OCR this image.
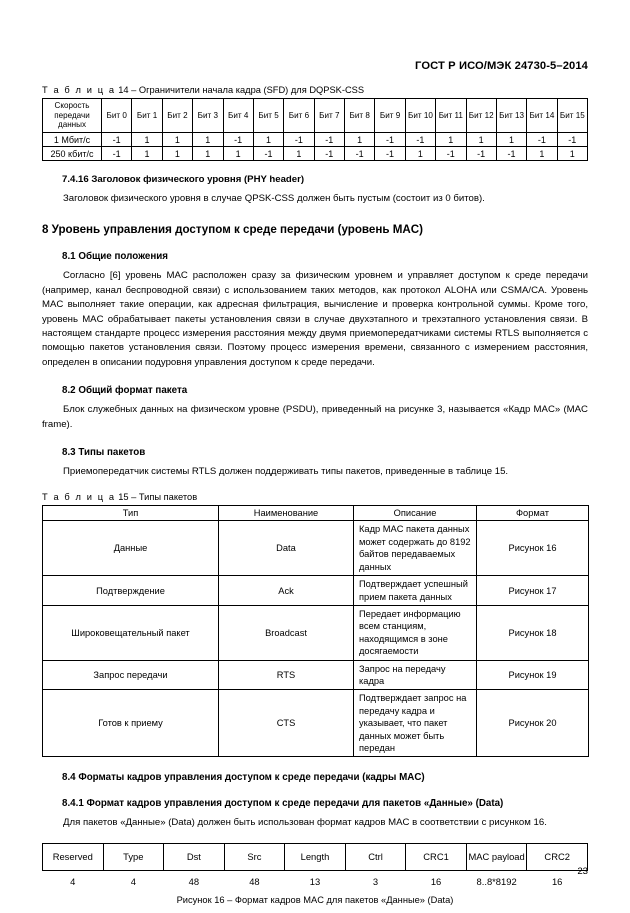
ГОСТ Р ИСО/МЭК 24730-5–2014
Т а б л и ц а 14 – Ограничители начала кадра (SFD) для DQPSK-CSS
Скорость передачи данных	Бит 0	Бит 1	Бит 2	Бит 3	Бит 4	Бит 5	Бит 6	Бит 7	Бит 8	Бит 9	Бит 10	Бит 11	Бит 12	Бит 13	Бит 14	Бит 15
1 Мбит/с	-1	1	1	1	-1	1	-1	-1	1	-1	-1	1	1	1	-1	-1
250 кбит/с	-1	1	1	1	1	-1	1	-1	-1	-1	1	-1	-1	-1	1	1
7.4.16 Заголовок физического уровня (PHY header)

Заголовок физического уровня в случае QPSK-CSS должен быть пустым (состоит из 0 битов).

8 Уровень управления доступом к среде передачи (уровень MAC)
8.1 Общие положения

Согласно [6] уровень MAC расположен сразу за физическим уровнем и управляет доступом к среде передачи (например, канал беспроводной связи) с использованием таких методов, как протокол ALOHA или CSMA/CA. Уровень MAC выполняет такие операции, как адресная фильтрация, вычисление и проверка контрольной суммы. Кроме того, уровень MAC обрабатывает пакеты установления связи в случае двухэтапного и трехэтапного установления связи. В настоящем стандарте процесс измерения расстояния между двумя приемопередатчиками системы RTLS выполняется с помощью пакетов установления связи. Поэтому процесс измерения времени, связанного с измерением расстояния, определен в описании подуровня управления доступом к среде передачи.

8.2 Общий формат пакета

Блок служебных данных на физическом уровне (PSDU), приведенный на рисунке 3, называется «Кадр MAC» (MAC frame).

8.3 Типы пакетов

Приемопередатчик системы RTLS должен поддерживать типы пакетов, приведенные в таблице 15.

Т а б л и ц а 15 – Типы пакетов
Тип	Наименование	Описание	Формат
Данные	Data	Кадр MAC пакета данных может содержать до 8192 байтов передаваемых данных	Рисунок 16
Подтверждение	Ack	Подтверждает успешный прием пакета данных	Рисунок 17
Широковещательный пакет	Broadcast	Передает информацию всем станциям, находящимся в зоне досягаемости	Рисунок 18
Запрос передачи	RTS	Запрос на передачу кадра	Рисунок 19
Готов к приему	CTS	Подтверждает запрос на передачу кадра и указывает, что пакет данных может быть передан	Рисунок 20
8.4 Форматы кадров управления доступом к среде передачи (кадры MAC)
8.4.1 Формат кадров управления доступом к среде передачи для пакетов «Данные» (Data)

Для пакетов «Данные» (Data) должен быть использован формат кадров MAC в соответствии с рисунком 16.

Reserved	Type	Dst	Src	Length	Ctrl	CRC1	MAC payload	CRC2
4	4	48	48	13	3	16	8..8*8192	16
Рисунок 16 – Формат кадров MAC для пакетов «Данные» (Data)
23
